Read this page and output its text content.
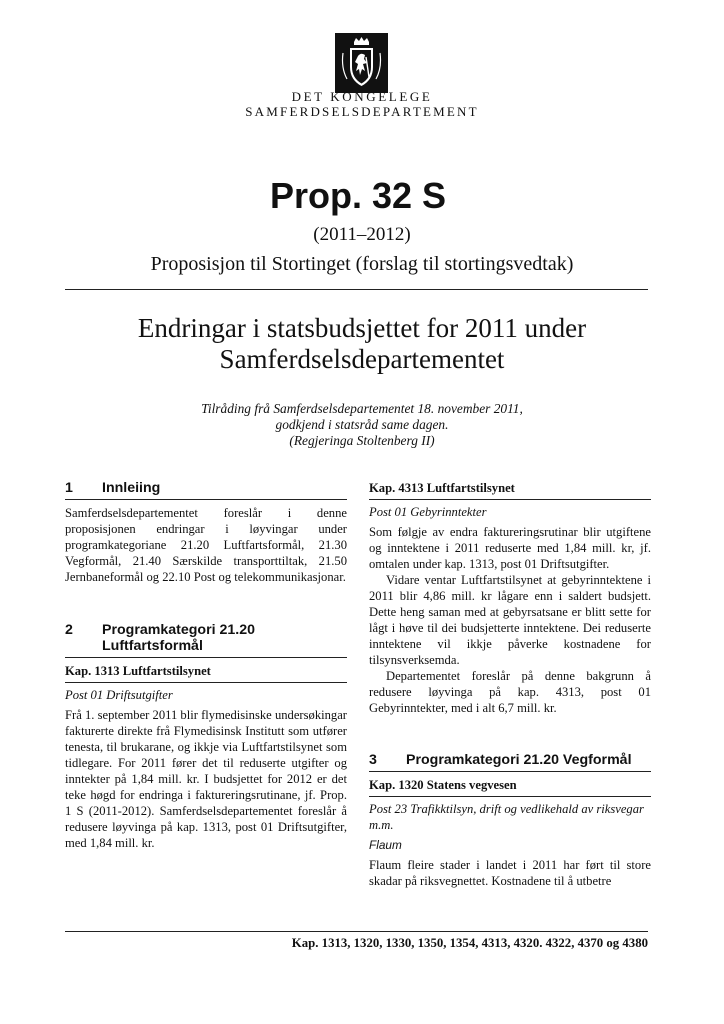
DET KONGELEGE
SAMFERDSELSDEPARTEMENT
Prop. 32 S
(2011–2012)
Proposisjon til Stortinget (forslag til stortingsvedtak)
Endringar i statsbudsjettet for 2011 under
Samferdselsdepartementet
Tilråding frå Samferdselsdepartementet 18. november 2011,
godkjend i statsråd same dagen.
(Regjeringa Stoltenberg II)
1	Innleiing

Samferdselsdepartementet foreslår i denne proposisjonen endringar i løyvingar under programkategoriane 21.20 Luftfartsformål, 21.30 Vegformål, 21.40 Særskilde transporttiltak, 21.50 Jernbaneformål og 22.10 Post og telekommunikasjonar.

2	Programkategori 21.20 Luftfartsformål
Kap. 1313 Luftfartstilsynet
Post 01 Driftsutgifter

Frå 1. september 2011 blir flymedisinske undersøkingar fakturerte direkte frå Flymedisinsk Institutt som utfører tenesta, til brukarane, og ikkje via Luftfartstilsynet som tidlegare. For 2011 fører det til reduserte utgifter og inntekter på 1,84 mill. kr. I budsjettet for 2012 er det teke høgd for endringa i faktureringsrutinane, jf. Prop. 1 S (2011-2012). Samferdselsdepartementet foreslår å redusere løyvinga på kap. 1313, post 01 Driftsutgifter, med 1,84 mill. kr.

Kap. 4313 Luftfartstilsynet
Post 01 Gebyrinntekter

Som følgje av endra faktureringsrutinar blir utgiftene og inntektene i 2011 reduserte med 1,84 mill. kr, jf. omtalen under kap. 1313, post 01 Driftsutgifter.

Vidare ventar Luftfartstilsynet at gebyrinntektene i 2011 blir 4,86 mill. kr lågare enn i saldert budsjett. Dette heng saman med at gebyrsatsane er blitt sette for lågt i høve til dei budsjetterte inntektene. Dei reduserte inntektene vil ikkje påverke kostnadene for tilsynsverksemda.

Departementet foreslår på denne bakgrunn å redusere løyvinga på kap. 4313, post 01 Gebyrinntekter, med i alt 6,7 mill. kr.

3	Programkategori 21.20 Vegformål
Kap. 1320 Statens vegvesen
Post 23 Trafikktilsyn, drift og vedlikehald av riksvegar m.m.
Flaum

Flaum fleire stader i landet i 2011 har ført til store skadar på riksvegnettet. Kostnadene til å utbetre

Kap. 1313, 1320, 1330, 1350, 1354, 4313, 4320. 4322, 4370 og 4380
